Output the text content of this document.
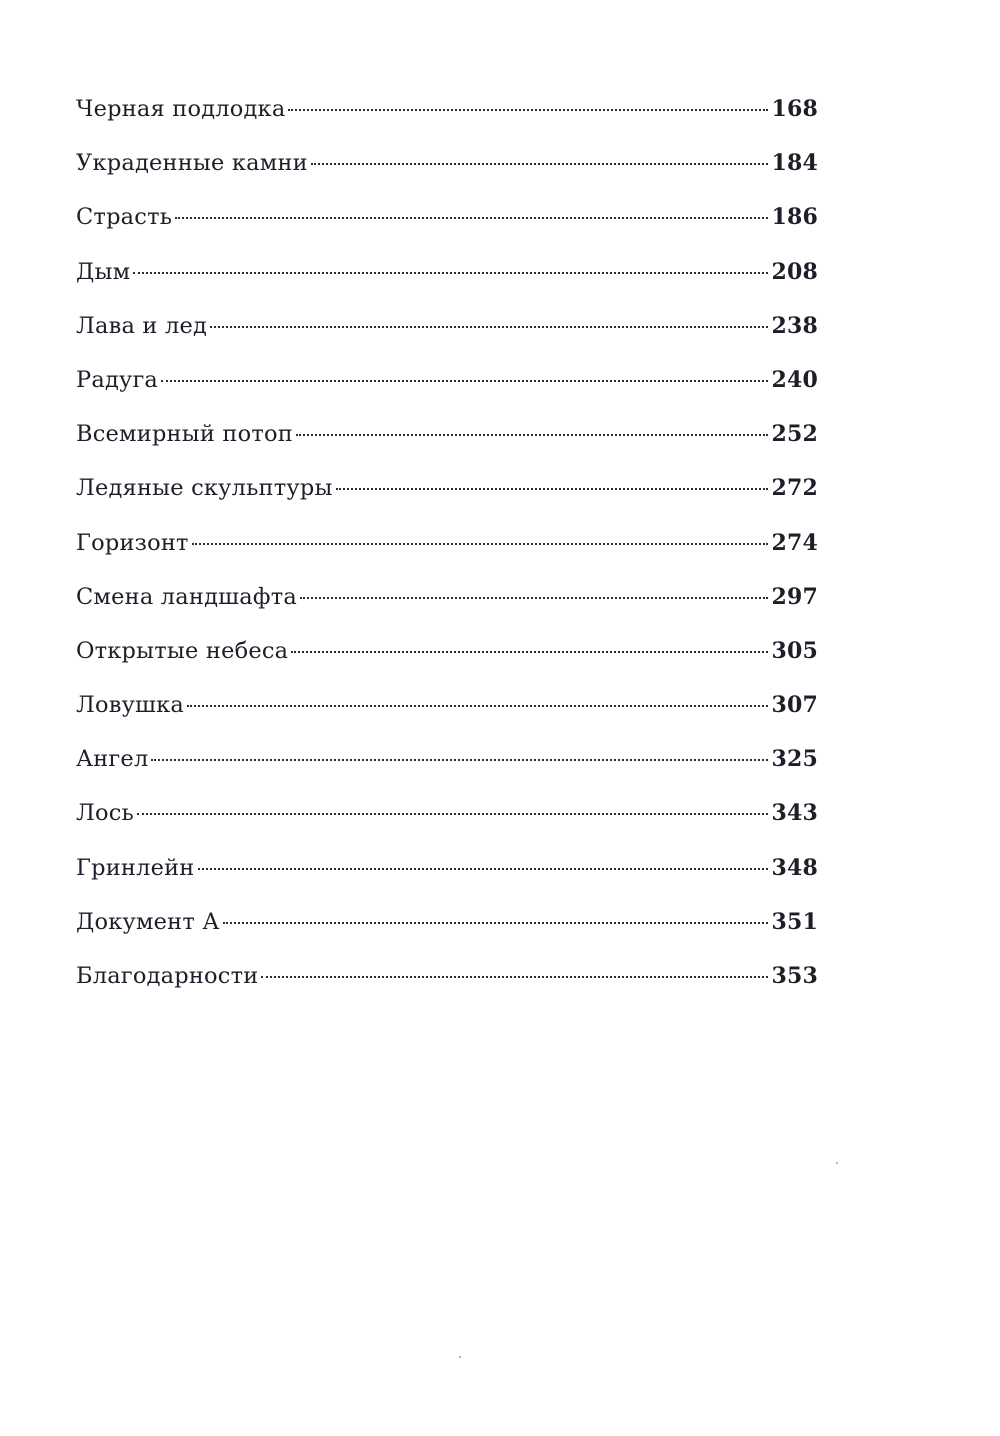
Черная подлодка	168
Украденные камни	184
Страсть	186
Дым	208
Лава и лед	238
Радуга	240
Всемирный потоп	252
Ледяные скульптуры	272
Горизонт	274
Смена ландшафта	297
Открытые небеса	305
Ловушка	307
Ангел	325
Лось	343
Гринлейн	348
Документ А	351
Благодарности	353
